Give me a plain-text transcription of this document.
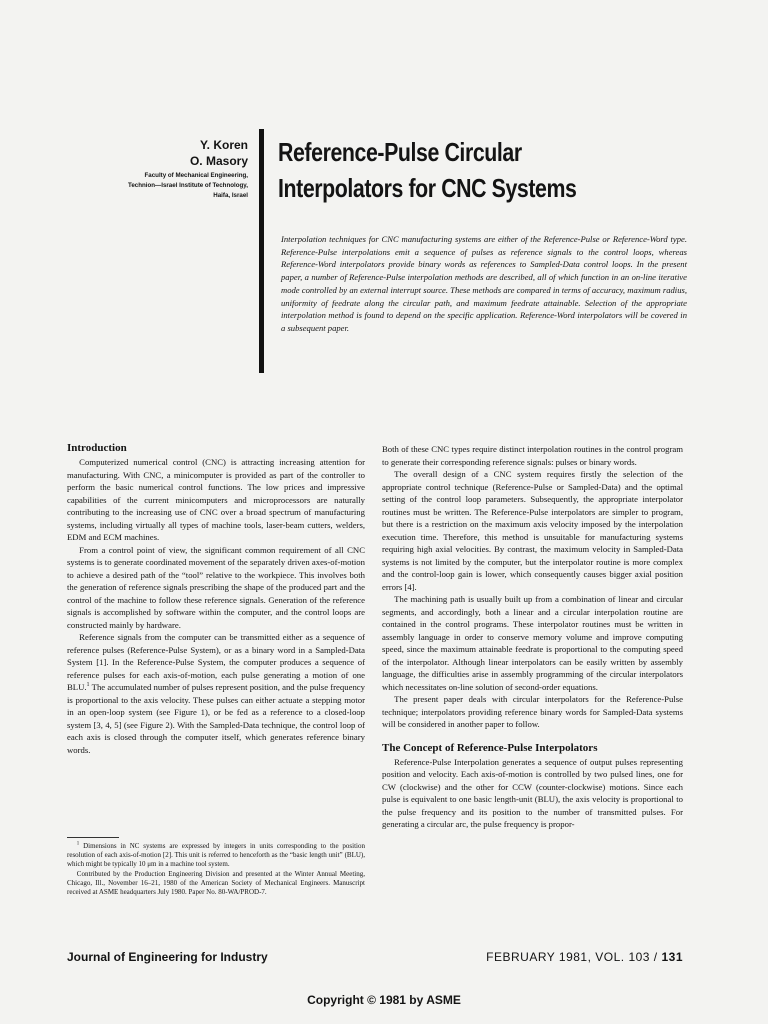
Y. Koren
O. Masory
Faculty of Mechanical Engineering,
Technion—Israel Institute of Technology,
Haifa, Israel
Reference-Pulse Circular
Interpolators for CNC Systems
Interpolation techniques for CNC manufacturing systems are either of the Reference-Pulse or Reference-Word type. Reference-Pulse interpolations emit a sequence of pulses as reference signals to the control loops, whereas Reference-Word interpolators provide binary words as references to Sampled-Data control loops. In the present paper, a number of Reference-Pulse interpolation methods are described, all of which function in an on-line iterative mode controlled by an external interrupt source. These methods are compared in terms of accuracy, maximum radius, uniformity of feedrate along the circular path, and maximum feedrate attainable. Selection of the appropriate interpolation method is found to depend on the specific application. Reference-Word interpolators will be covered in a subsequent paper.
Introduction

Computerized numerical control (CNC) is attracting increasing attention for manufacturing. With CNC, a minicomputer is provided as part of the controller to perform the basic numerical control functions. The low prices and impressive capabilities of the current minicomputers and microprocessors are naturally contributing to the increasing use of CNC over a broad spectrum of manufacturing systems, including virtually all types of machine tools, laser-beam cutters, welders, EDM and ECM machines.

From a control point of view, the significant common requirement of all CNC systems is to generate coordinated movement of the separately driven axes-of-motion to achieve a desired path of the “tool” relative to the workpiece. This involves both the generation of reference signals prescribing the shape of the produced part and the control of the machine to follow these reference signals. Generation of the reference signals is accomplished by software within the computer, and the control loops are constructed mainly by hardware.

Reference signals from the computer can be transmitted either as a sequence of reference pulses (Reference-Pulse System), or as a binary word in a Sampled-Data System [1]. In the Reference-Pulse System, the computer produces a sequence of reference pulses for each axis-of-motion, each pulse generating a motion of one BLU.$^1$ The accumulated number of pulses represent position, and the pulse frequency is proportional to the axis velocity. These pulses can either actuate a stepping motor in an open-loop system (see Figure 1), or be fed as a reference to a closed-loop system [3, 4, 5] (see Figure 2). With the Sampled-Data technique, the control loop of each axis is closed through the computer itself, which generates reference binary words.

Both of these CNC types require distinct interpolation routines in the control program to generate their corresponding reference signals: pulses or binary words.

The overall design of a CNC system requires firstly the selection of the appropriate control technique (Reference-Pulse or Sampled-Data) and the optimal setting of the control loop parameters. Subsequently, the appropriate interpolator routines must be written. The Reference-Pulse interpolators are simpler to program, but there is a restriction on the maximum axis velocity imposed by the interpolation execution time. Therefore, this method is unsuitable for manufacturing systems requiring high axial velocities. By contrast, the maximum velocity in Sampled-Data systems is not limited by the computer, but the interpolator routine is more complex and the control-loop gain is lower, which consequently causes bigger axial position errors [4].

The machining path is usually built up from a combination of linear and circular segments, and accordingly, both a linear and a circular interpolation routine are contained in the control programs. These interpolator routines must be written in assembly language in order to conserve memory volume and improve computing speed, since the maximum attainable feedrate is proportional to the computing speed of the interpolator. Although linear interpolators can be easily written by assembly language, the difficulties arise in assembly programming of the circular interpolators which necessitates on-line solution of second-order equations.

The present paper deals with circular interpolators for the Reference-Pulse technique; interpolators providing reference binary words for Sampled-Data systems will be considered in another paper to follow.

The Concept of Reference-Pulse Interpolators

Reference-Pulse Interpolation generates a sequence of output pulses representing position and velocity. Each axis-of-motion is controlled by two pulsed lines, one for CW (clockwise) and the other for CCW (counter-clockwise) motions. Since each pulse is equivalent to one basic length-unit (BLU), the axis velocity is proportional to the pulse frequency and its position to the number of transmitted pulses. For generating a circular arc, the pulse frequency is propor-

$^1$ Dimensions in NC systems are expressed by integers in units corresponding to the position resolution of each axis-of-motion [2]. This unit is referred to henceforth as the “basic length unit” (BLU), which might be typically 10 μm in a machine tool system.

Contributed by the Production Engineering Division and presented at the Winter Annual Meeting, Chicago, Ill., November 16–21, 1980 of the American Society of Mechanical Engineers. Manuscript received at ASME headquarters July 1980. Paper No. 80-WA/PROD-7.

Journal of Engineering for Industry	FEBRUARY 1981, VOL. 103 / 131
Copyright © 1981 by ASME
